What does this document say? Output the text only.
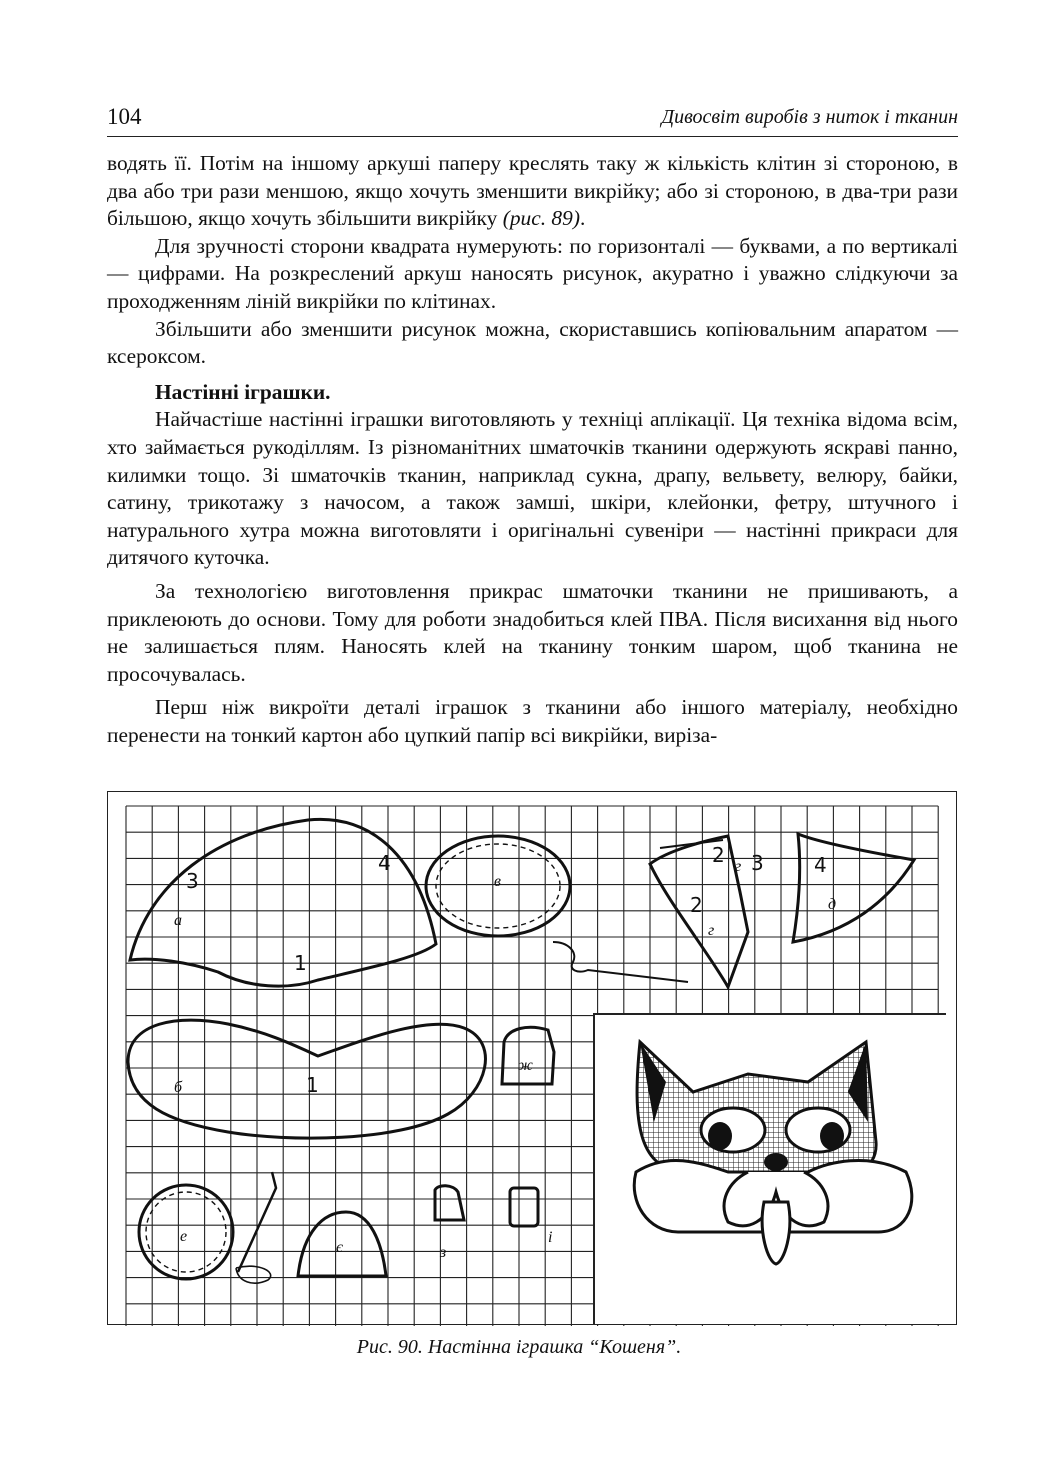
104	Дивосвіт виробів з ниток і тканин

водять її. Потім на іншому аркуші паперу креслять таку ж кількість клітин зі стороною, в два або три рази меншою, якщо хочуть зменшити викрійку; або зі стороною, в два-три рази більшою, якщо хочуть збільшити викрійку (рис. 89).

Для зручності сторони квадрата нумерують: по горизонталі — буквами, а по вертикалі — цифрами. На розкреслений аркуш наносять рисунок, акуратно і уважно слідкуючи за проходженням ліній викрійки по клітинах.

Збільшити або зменшити рисунок можна, скориставшись копіювальним апаратом — ксероксом.

Настінні іграшки.

Найчастіше настінні іграшки виготовляють у техніці аплікації. Ця техніка відома всім, хто займається рукоділлям. Із різноманітних шматочків тканини одержують яскраві панно, килимки тощо. Зі шматочків тканин, наприклад сукна, драпу, вельвету, велюру, байки, сатину, трикотажу з начосом, а також замші, шкіри, клейонки, фетру, штучного і натурального хутра можна виготовляти і оригінальні сувеніри — настінні прикраси для дитячого куточка.

За технологією виготовлення прикрас шматочки тканини не пришивають, а приклеюють до основи. Тому для роботи знадобиться клей ПВА. Після висихання від нього не залишається плям. Наносять клей на тканину тонким шаром, щоб тканина не просочувалась.

Перш ніж викроїти деталі іграшок з тканини або іншого матеріалу, необхідно перенести на тонкий картон або цупкий папір всі викрійки, виріза-

а
б
в
г
г
д
е
є
ж
з
і
1
1
3
4
2
2 3	4
Рис. 90. Настінна іграшка “Кошеня”.
